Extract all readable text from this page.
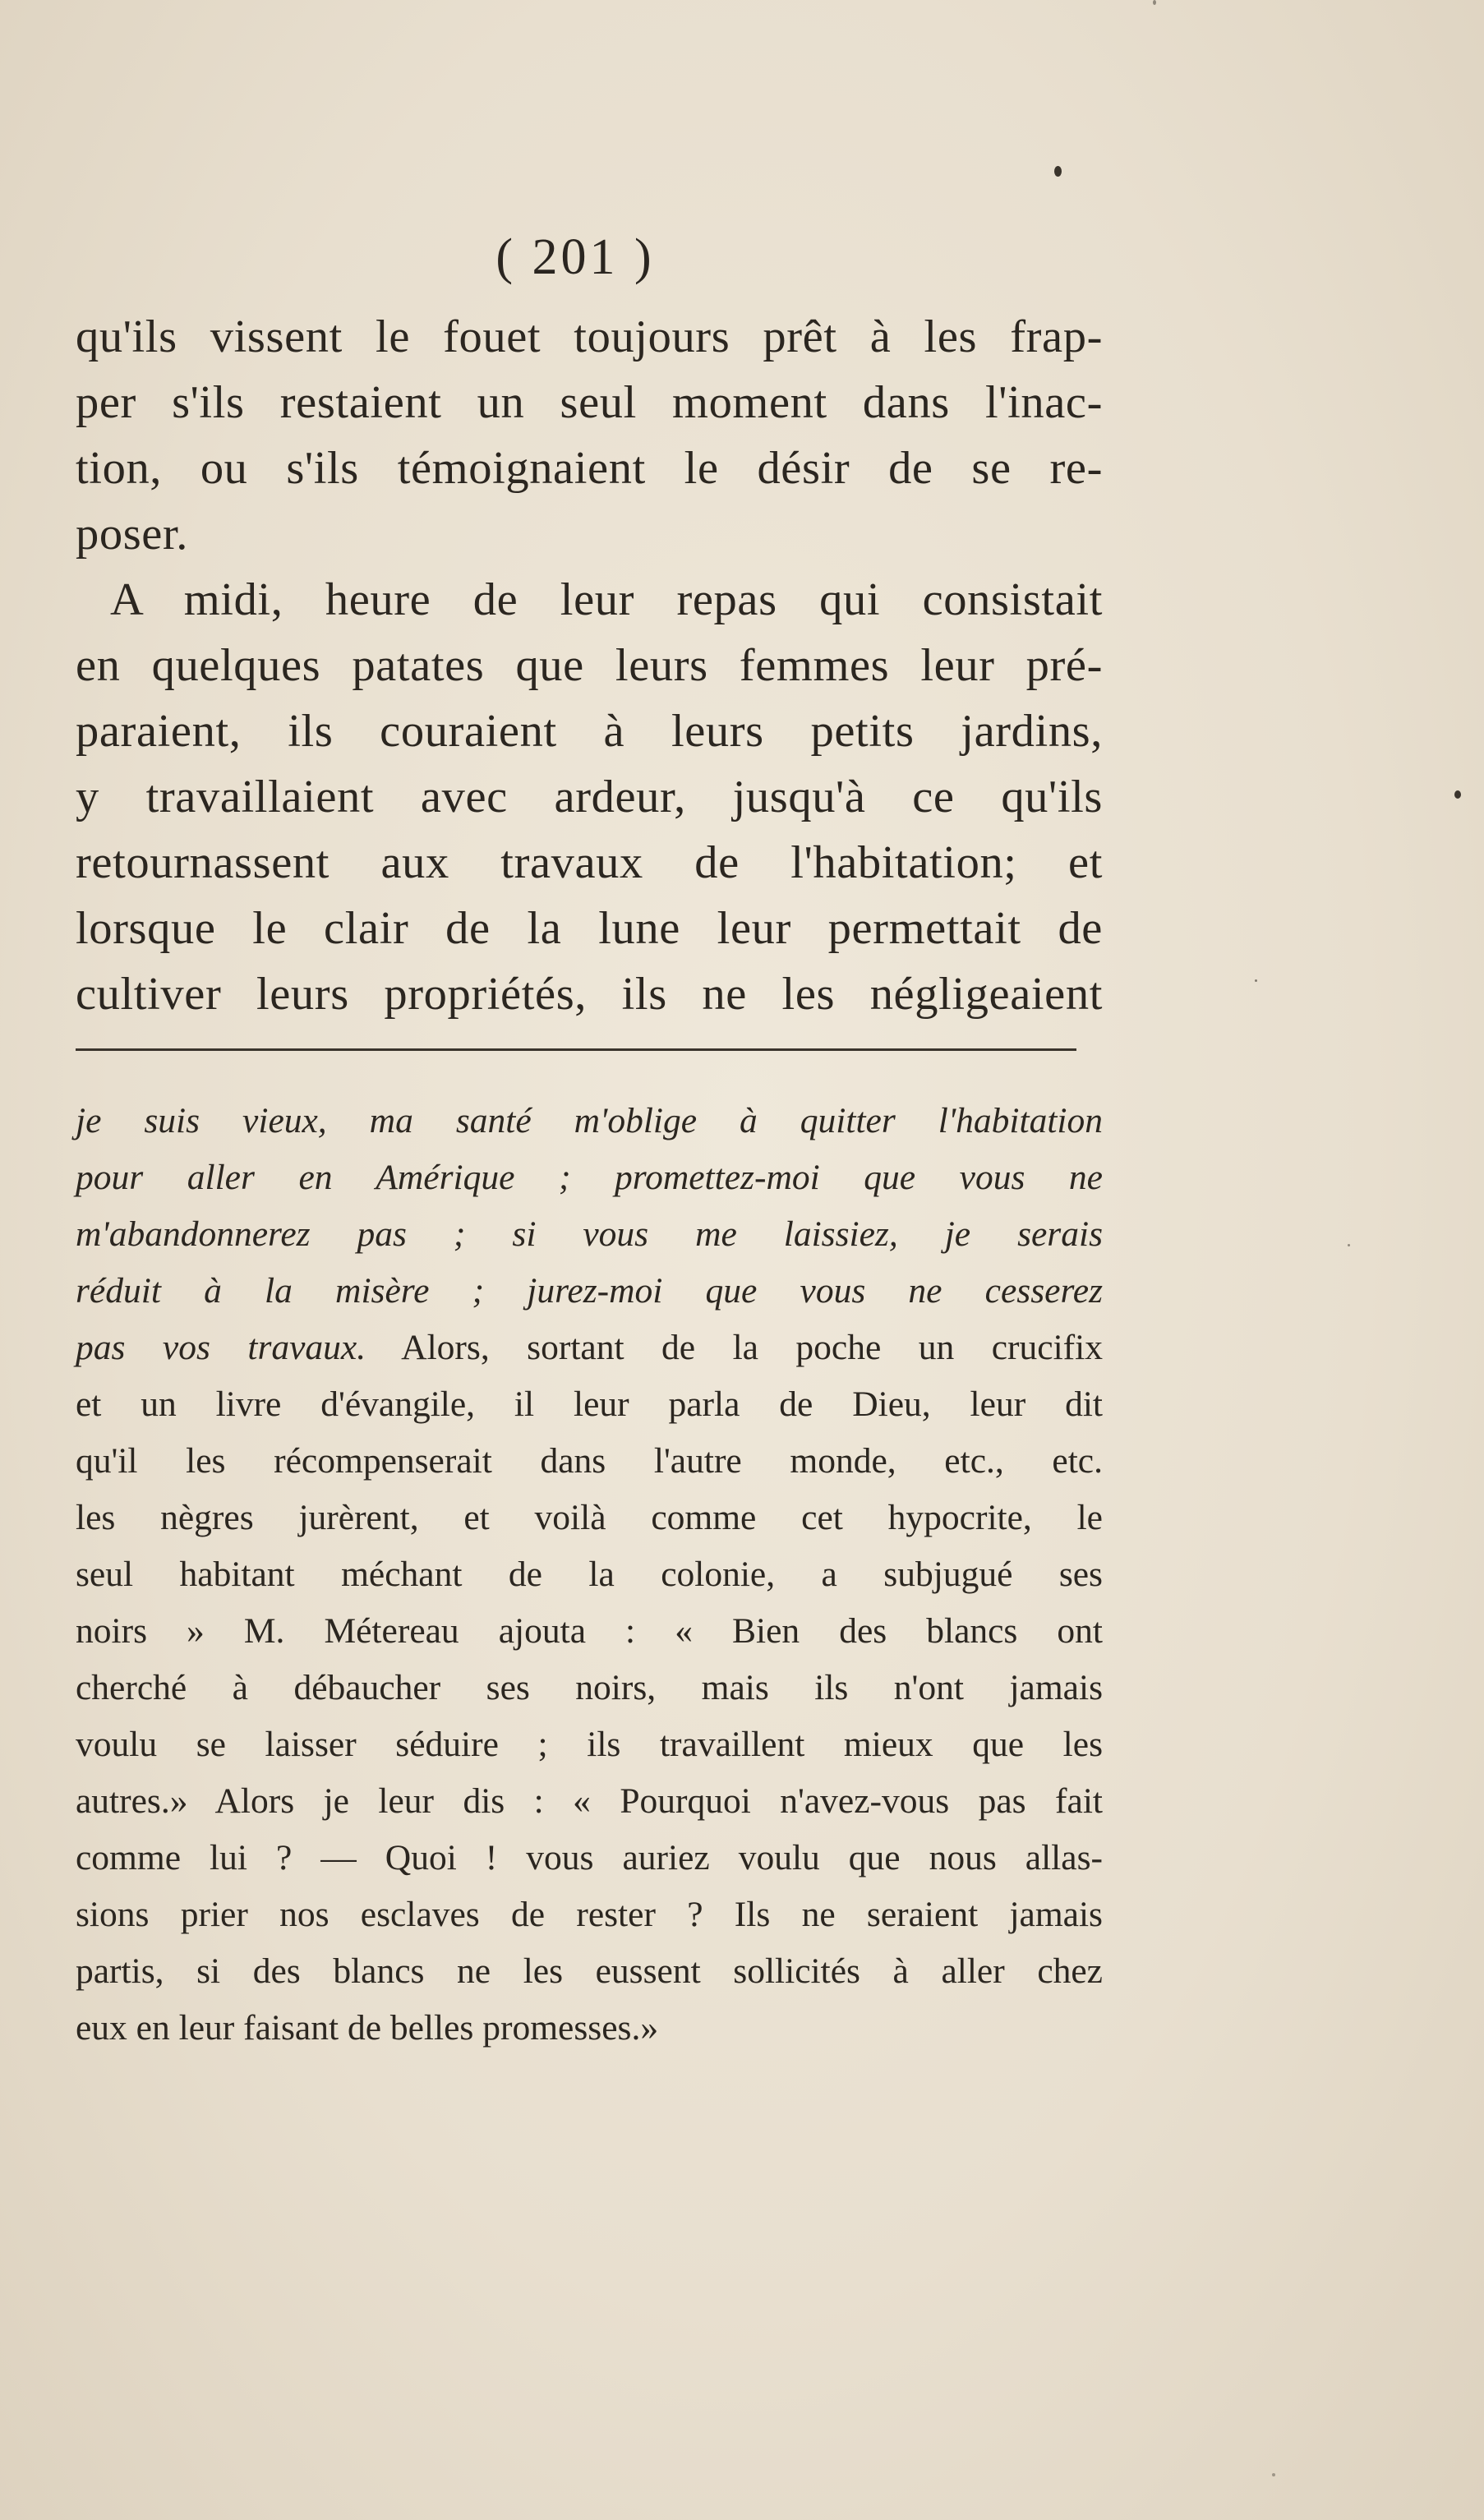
( 201 )
qu'ils vissent le fouet toujours prêt à les frap-
per s'ils restaient un seul moment dans l'inac-
tion, ou s'ils témoignaient le désir de se re-
poser.
A midi, heure de leur repas qui consistait
en quelques patates que leurs femmes leur pré-
paraient, ils couraient à leurs petits jardins,
y travaillaient avec ardeur, jusqu'à ce qu'ils
retournassent aux travaux de l'habitation; et
lorsque le clair de la lune leur permettait de
cultiver leurs propriétés, ils ne les négligeaient
je suis vieux, ma santé m'oblige à quitter l'habitation
pour aller en Amérique ; promettez-moi que vous ne
m'abandonnerez pas ; si vous me laissiez, je serais
réduit à la misère ; jurez-moi que vous ne cesserez
pas vos travaux. Alors, sortant de la poche un crucifix
et un livre d'évangile, il leur parla de Dieu, leur dit
qu'il les récompenserait dans l'autre monde, etc., etc.
les nègres jurèrent, et voilà comme cet hypocrite, le
seul habitant méchant de la colonie, a subjugué ses
noirs » M. Métereau ajouta : « Bien des blancs ont
cherché à débaucher ses noirs, mais ils n'ont jamais
voulu se laisser séduire ; ils travaillent mieux que les
autres.» Alors je leur dis : « Pourquoi n'avez-vous pas fait
comme lui ? — Quoi ! vous auriez voulu que nous allas-
sions prier nos esclaves de rester ? Ils ne seraient jamais
partis, si des blancs ne les eussent sollicités à aller chez
eux en leur faisant de belles promesses.»
